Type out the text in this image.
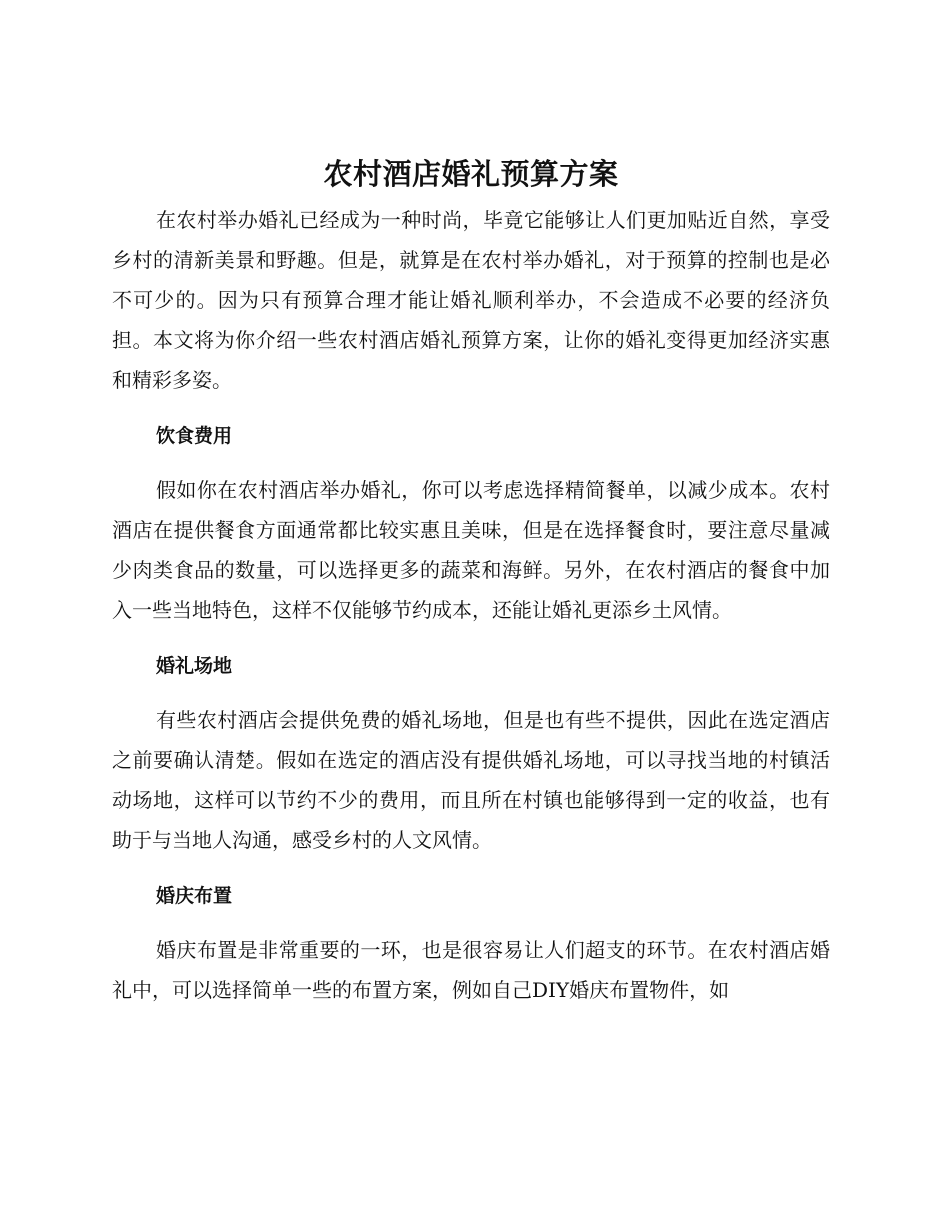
农村酒店婚礼预算方案

在农村举办婚礼已经成为一种时尚，毕竟它能够让人们更加贴近自然，享受乡村的清新美景和野趣。但是，就算是在农村举办婚礼，对于预算的控制也是必不可少的。因为只有预算合理才能让婚礼顺利举办，不会造成不必要的经济负担。本文将为你介绍一些农村酒店婚礼预算方案，让你的婚礼变得更加经济实惠和精彩多姿。

饮食费用

假如你在农村酒店举办婚礼，你可以考虑选择精简餐单，以减少成本。农村酒店在提供餐食方面通常都比较实惠且美味，但是在选择餐食时，要注意尽量减少肉类食品的数量，可以选择更多的蔬菜和海鲜。另外，在农村酒店的餐食中加入一些当地特色，这样不仅能够节约成本，还能让婚礼更添乡土风情。

婚礼场地

有些农村酒店会提供免费的婚礼场地，但是也有些不提供，因此在选定酒店之前要确认清楚。假如在选定的酒店没有提供婚礼场地，可以寻找当地的村镇活动场地，这样可以节约不少的费用，而且所在村镇也能够得到一定的收益，也有助于与当地人沟通，感受乡村的人文风情。

婚庆布置

婚庆布置是非常重要的一环，也是很容易让人们超支的环节。在农村酒店婚礼中，可以选择简单一些的布置方案，例如自己DIY婚庆布置物件，如
